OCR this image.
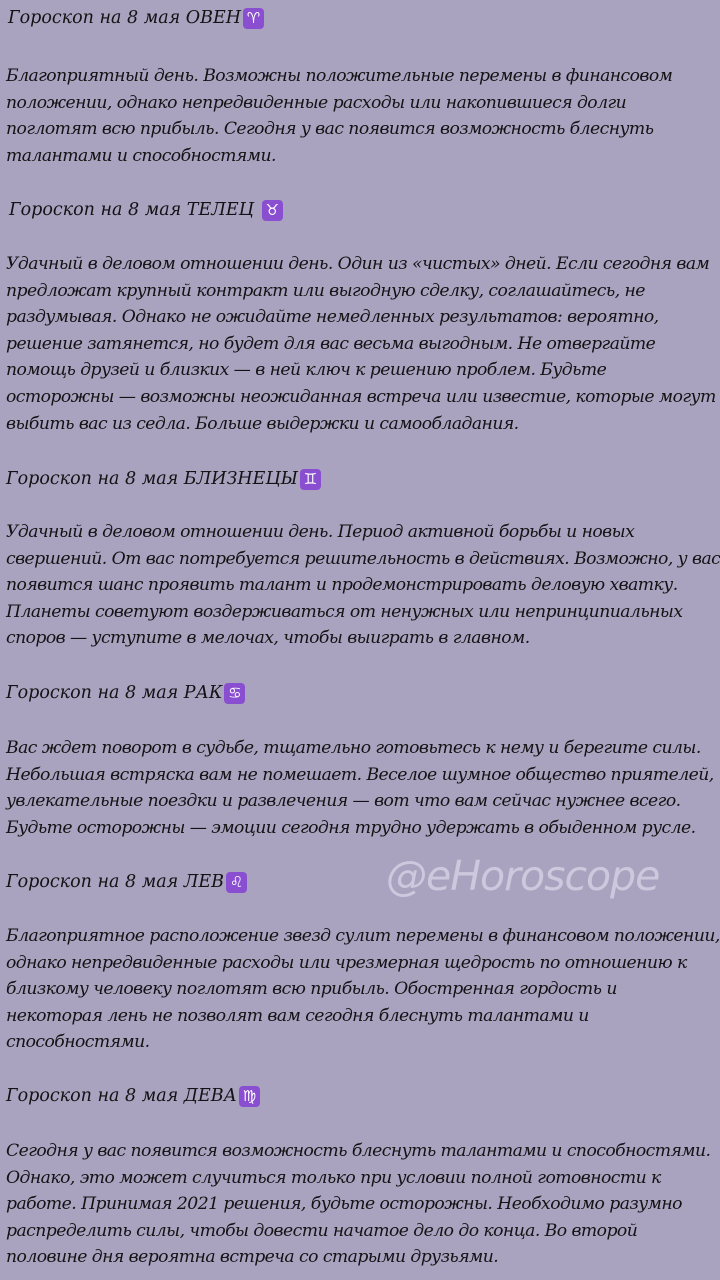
Гороскоп на 8 мая ОВЕН ♈
Благоприятный день. Возможны положительные перемены в финансовом
положении, однако непредвиденные расходы или накопившиеся долги
поглотят всю прибыль. Сегодня у вас появится возможность блеснуть
талантами и способностями.
Гороскоп на 8 мая ТЕЛЕЦ ♉
Удачный в деловом отношении день. Один из «чистых» дней. Если сегодня вам
предложат крупный контракт или выгодную сделку, соглашайтесь, не
раздумывая. Однако не ожидайте немедленных результатов: вероятно,
решение затянется, но будет для вас весьма выгодным. Не отвергайте
помощь друзей и близких — в ней ключ к решению проблем. Будьте
осторожны — возможны неожиданная встреча или известие, которые могут
выбить вас из седла. Больше выдержки и самообладания.
Гороскоп на 8 мая БЛИЗНЕЦЫ ♊
Удачный в деловом отношении день. Период активной борьбы и новых
свершений. От вас потребуется решительность в действиях. Возможно, у вас
появится шанс проявить талант и продемонстрировать деловую хватку.
Планеты советуют воздерживаться от ненужных или непринципиальных
споров — уступите в мелочах, чтобы выиграть в главном.
Гороскоп на 8 мая РАК ♋
Вас ждет поворот в судьбе, тщательно готовьтесь к нему и берегите силы.
Небольшая встряска вам не помешает. Веселое шумное общество приятелей,
увлекательные поездки и развлечения — вот что вам сейчас нужнее всего.
Будьте осторожны — эмоции сегодня трудно удержать в обыденном русле.
Гороскоп на 8 мая ЛЕВ ♌
Благоприятное расположение звезд сулит перемены в финансовом положении,
однако непредвиденные расходы или чрезмерная щедрость по отношению к
близкому человеку поглотят всю прибыль. Обостренная гордость и
некоторая лень не позволят вам сегодня блеснуть талантами и
способностями.
Гороскоп на 8 мая ДЕВА ♍
Сегодня у вас появится возможность блеснуть талантами и способностями.
Однако, это может случиться только при условии полной готовности к
работе. Принимая 2021 решения, будьте осторожны. Необходимо разумно
распределить силы, чтобы довести начатое дело до конца. Во второй
половине дня вероятна встреча со старыми друзьями.
@eHoroscope
